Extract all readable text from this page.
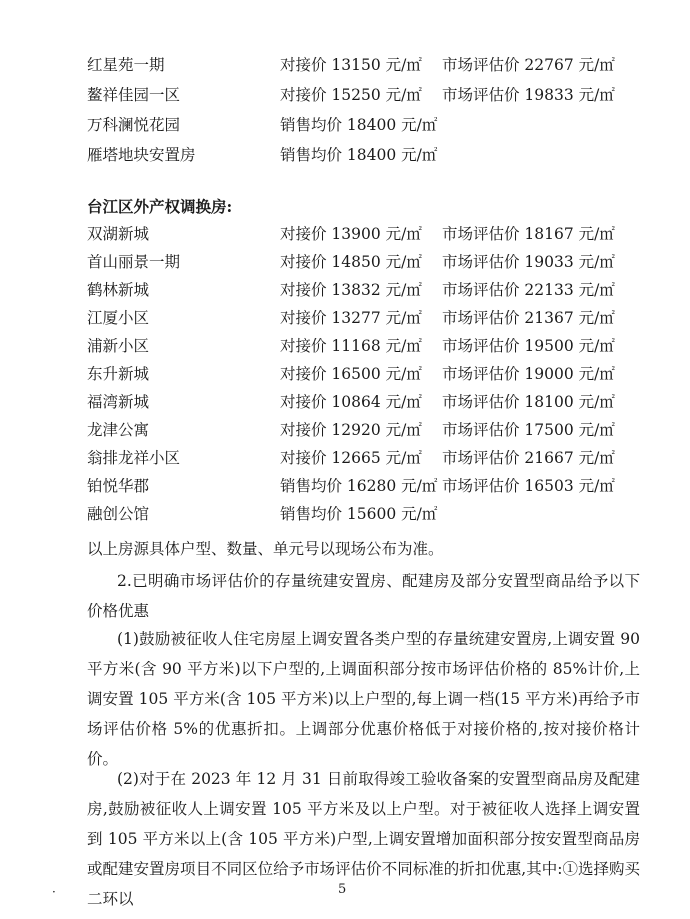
红星苑一期	对接价 13150 元/㎡ 市场评估价 22767 元/㎡
鳌祥佳园一区	对接价 15250 元/㎡ 市场评估价 19833 元/㎡
万科澜悦花园	销售均价 18400 元/㎡
雁塔地块安置房	销售均价 18400 元/㎡
台江区外产权调换房:
双湖新城	对接价 13900 元/㎡ 市场评估价 18167 元/㎡
首山丽景一期	对接价 14850 元/㎡ 市场评估价 19033 元/㎡
鹤林新城	对接价 13832 元/㎡ 市场评估价 22133 元/㎡
江厦小区	对接价 13277 元/㎡ 市场评估价 21367 元/㎡
浦新小区	对接价 11168 元/㎡ 市场评估价 19500 元/㎡
东升新城	对接价 16500 元/㎡ 市场评估价 19000 元/㎡
福湾新城	对接价 10864 元/㎡ 市场评估价 18100 元/㎡
龙津公寓	对接价 12920 元/㎡ 市场评估价 17500 元/㎡
翁排龙祥小区	对接价 12665 元/㎡ 市场评估价 21667 元/㎡
铂悦华郡	销售均价 16280 元/㎡ 市场评估价 16503 元/㎡
融创公馆	销售均价 15600 元/㎡
以上房源具体户型、数量、单元号以现场公布为准。
2.已明确市场评估价的存量统建安置房、配建房及部分安置型商品给予以下价格优惠
(1)鼓励被征收人住宅房屋上调安置各类户型的存量统建安置房,上调安置 90 平方米(含 90 平方米)以下户型的,上调面积部分按市场评估价格的 85%计价,上调安置 105 平方米(含 105 平方米)以上户型的,每上调一档(15 平方米)再给予市场评估价格 5%的优惠折扣。上调部分优惠价格低于对接价格的,按对接价格计价。
(2)对于在 2023 年 12 月 31 日前取得竣工验收备案的安置型商品房及配建房,鼓励被征收人上调安置 105 平方米及以上户型。对于被征收人选择上调安置到 105 平方米以上(含 105 平方米)户型,上调安置增加面积部分按安置型商品房或配建安置房项目不同区位给予市场评估价不同标准的折扣优惠,其中:①选择购买二环以
·	5
